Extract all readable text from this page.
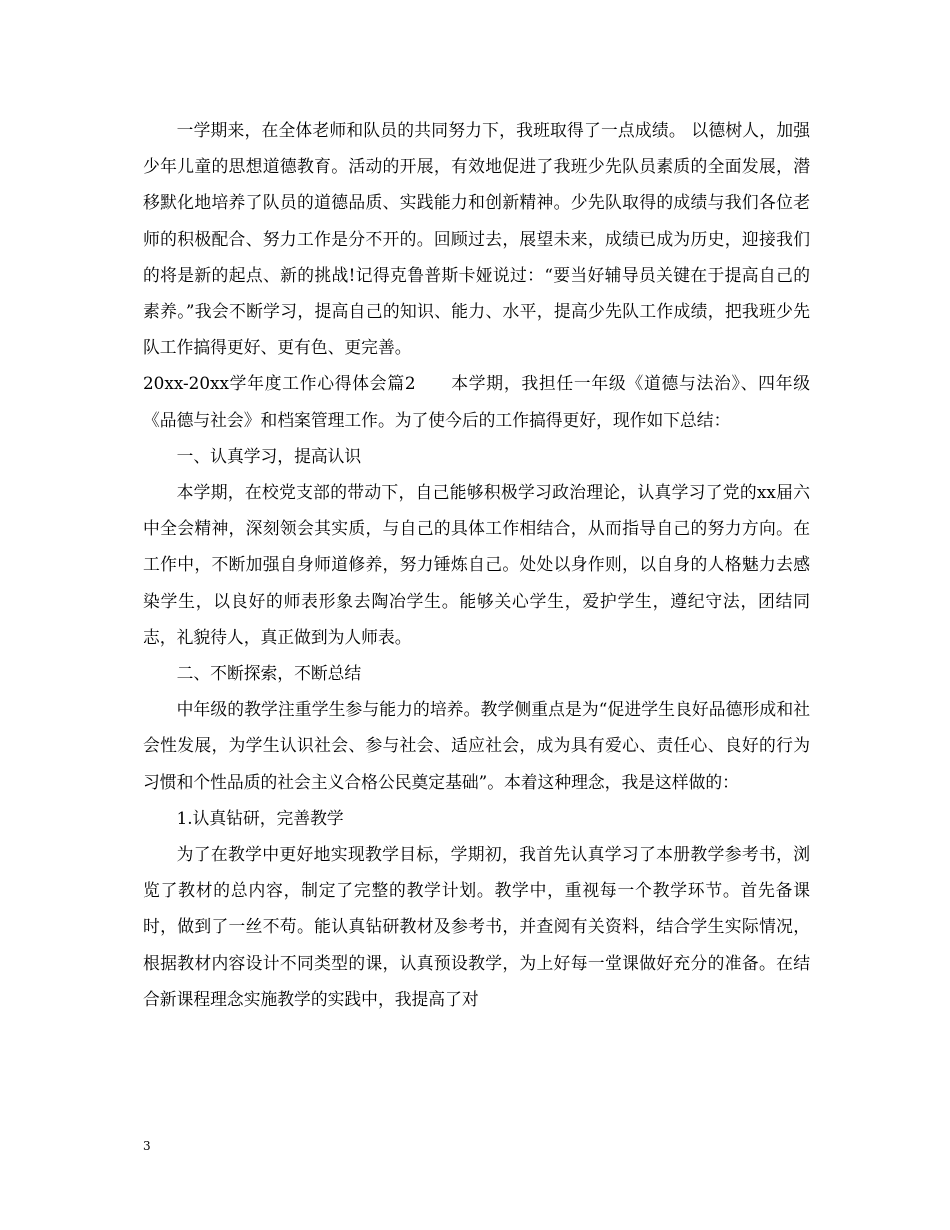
一学期来，在全体老师和队员的共同努力下，我班取得了一点成绩。 以德树人，加强少年儿童的思想道德教育。活动的开展，有效地促进了我班少先队员素质的全面发展，潜移默化地培养了队员的道德品质、实践能力和创新精神。少先队取得的成绩与我们各位老师的积极配合、努力工作是分不开的。回顾过去，展望未来，成绩已成为历史，迎接我们的将是新的起点、新的挑战!记得克鲁普斯卡娅说过：“要当好辅导员关键在于提高自己的素养。”我会不断学习，提高自己的知识、能力、水平，提高少先队工作成绩，把我班少先队工作搞得更好、更有色、更完善。

20xx-20xx学年度工作心得体会篇2　　本学期，我担任一年级《道德与法治》、四年级《品德与社会》和档案管理工作。为了使今后的工作搞得更好，现作如下总结：

一、认真学习，提高认识

本学期，在校党支部的带动下，自己能够积极学习政治理论，认真学习了党的xx届六中全会精神，深刻领会其实质，与自己的具体工作相结合，从而指导自己的努力方向。在工作中，不断加强自身师道修养，努力锤炼自己。处处以身作则，以自身的人格魅力去感染学生，以良好的师表形象去陶冶学生。能够关心学生，爱护学生，遵纪守法，团结同志，礼貌待人，真正做到为人师表。

二、不断探索，不断总结

中年级的教学注重学生参与能力的培养。教学侧重点是为“促进学生良好品德形成和社会性发展，为学生认识社会、参与社会、适应社会，成为具有爱心、责任心、良好的行为习惯和个性品质的社会主义合格公民奠定基础”。本着这种理念，我是这样做的：

1.认真钻研，完善教学

为了在教学中更好地实现教学目标，学期初，我首先认真学习了本册教学参考书，浏览了教材的总内容，制定了完整的教学计划。教学中，重视每一个教学环节。首先备课时，做到了一丝不苟。能认真钻研教材及参考书，并查阅有关资料，结合学生实际情况，根据教材内容设计不同类型的课，认真预设教学，为上好每一堂课做好充分的准备。在结合新课程理念实施教学的实践中，我提高了对

3
